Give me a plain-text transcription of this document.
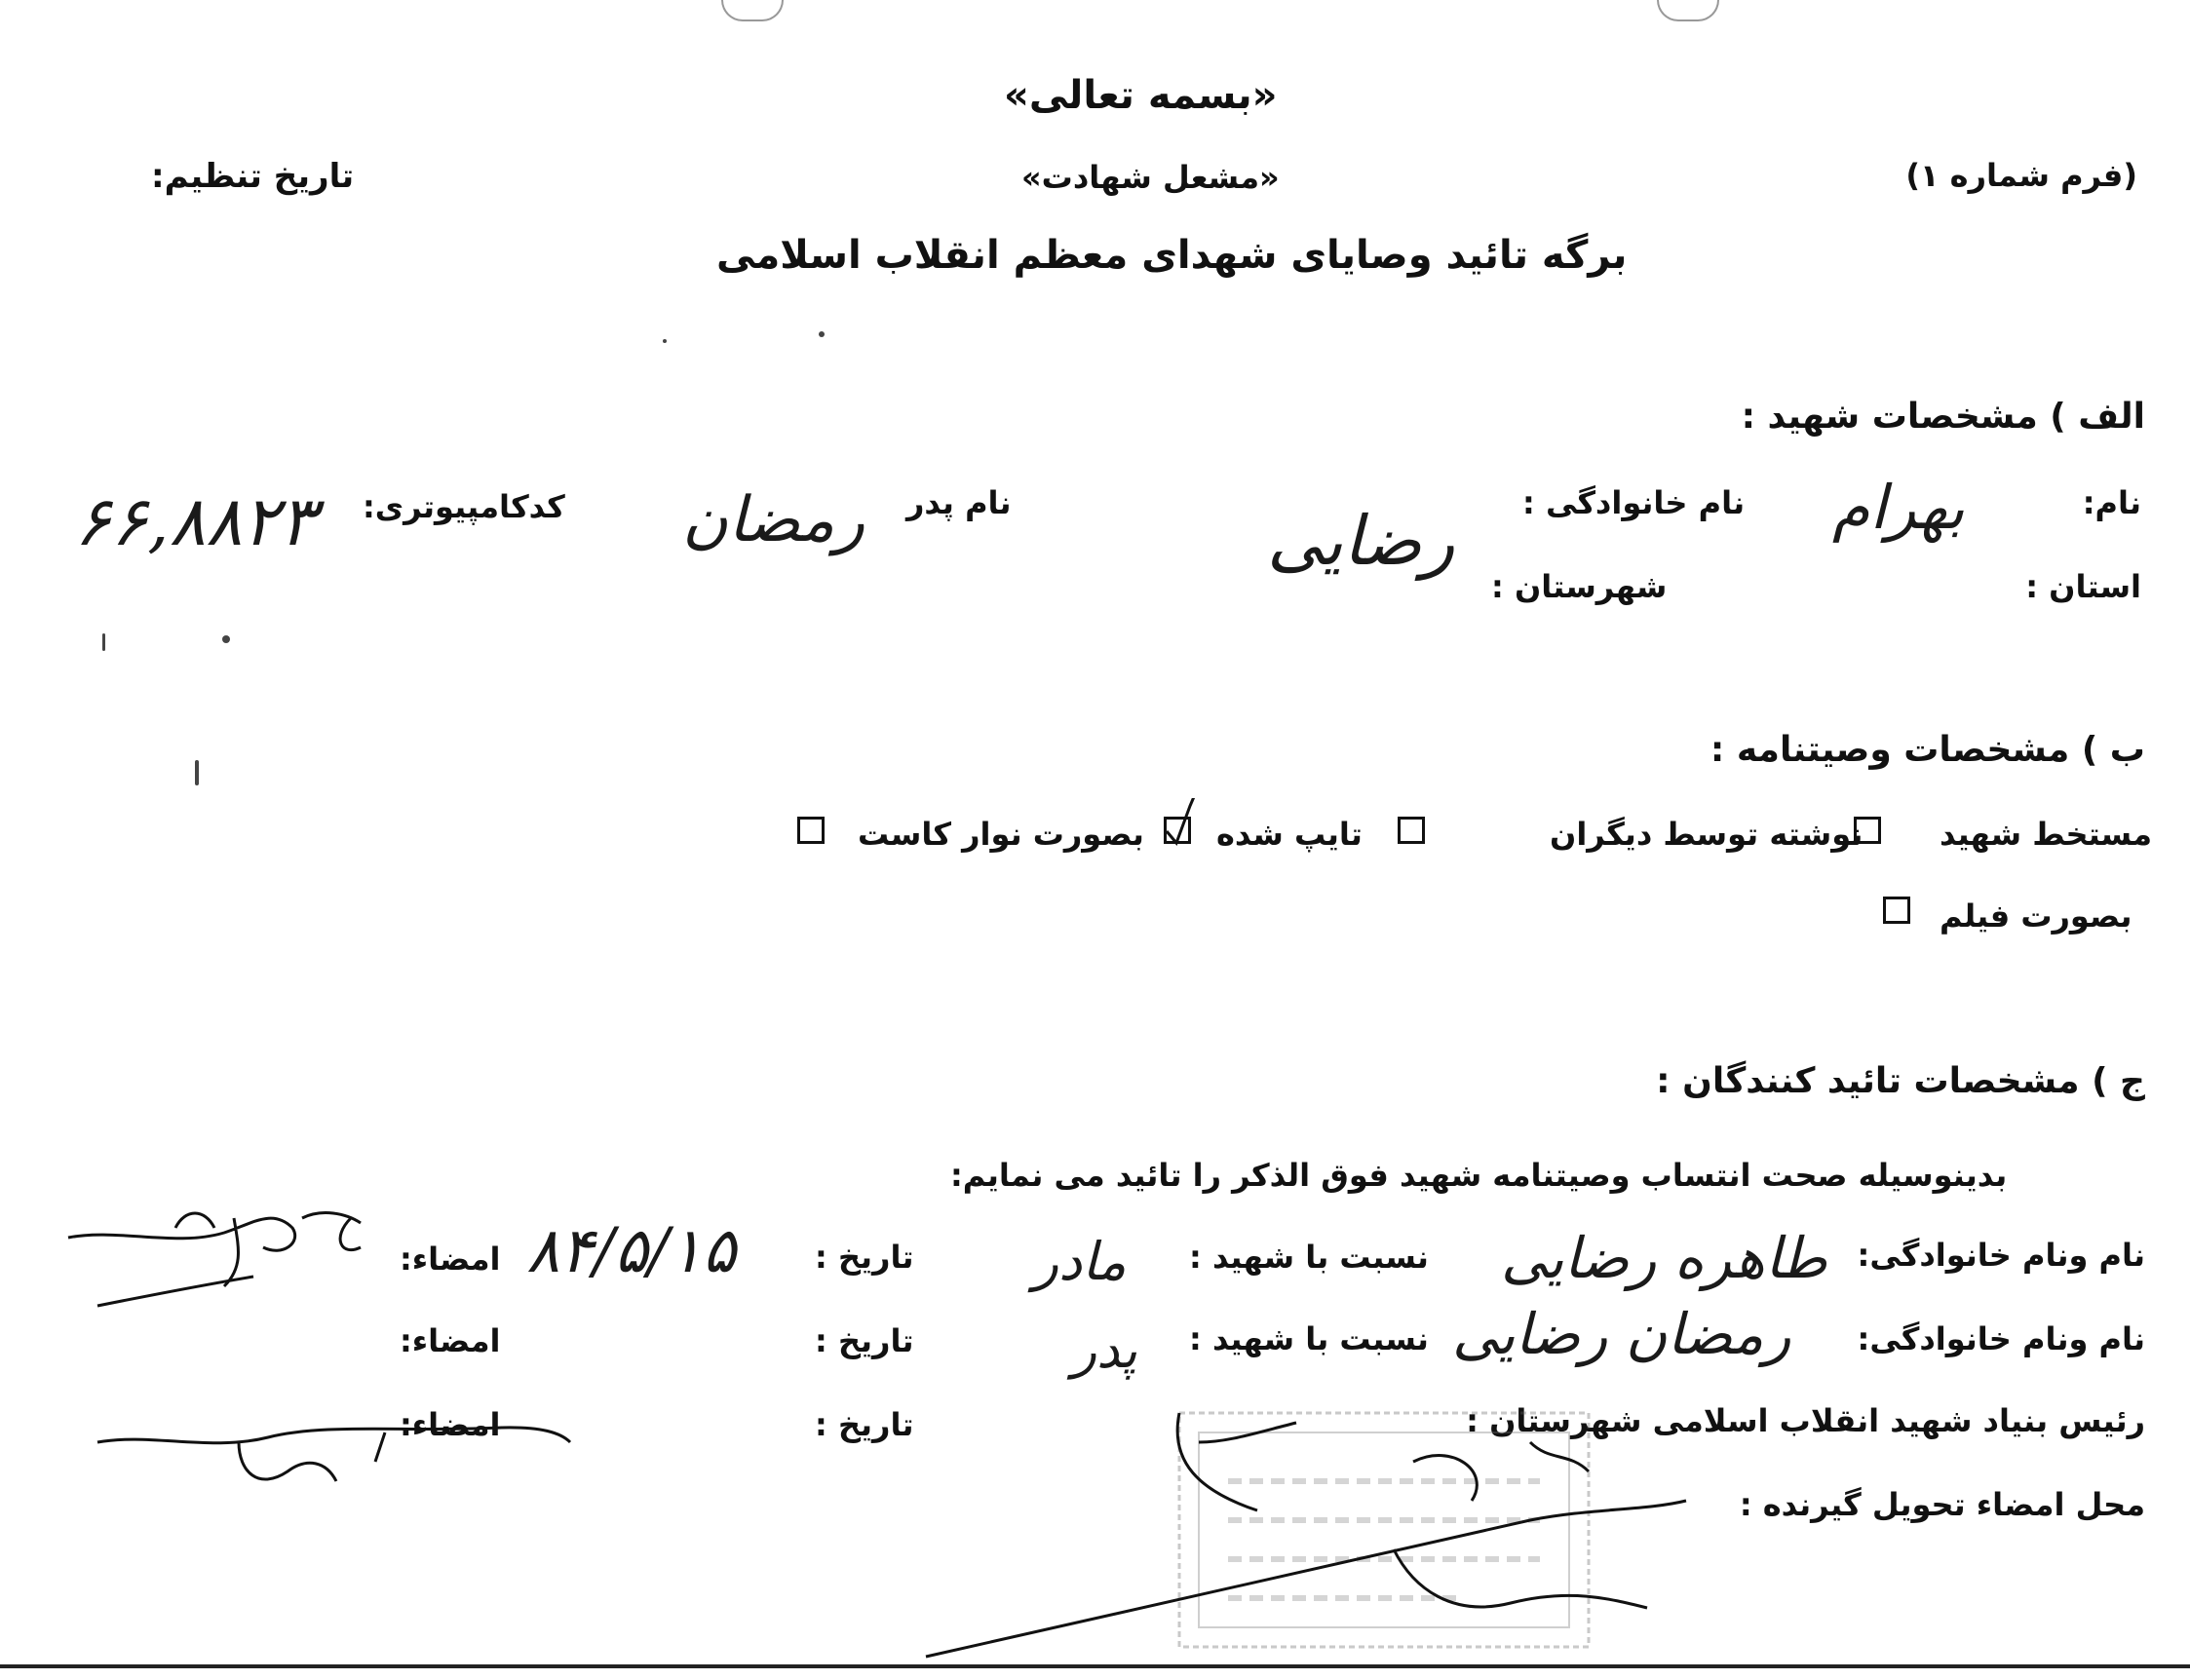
«بسمه تعالی»
«مشعل شهادت»	(فرم شماره ۱)
تاریخ تنظیم:
برگه تائید وصایای شهدای معظم انقلاب اسلامی
الف ) مشخصات شهید :
نام:
بهرام
نام خانوادگی :
رضایی
نام پدر
رمضان
کدکامپیوتری:
۶۶,۸۸۲۳
استان :
شهرستان :
ب ) مشخصات وصیتنامه :
مستخط شهید
نوشته توسط دیگران
تایپ شده
بصورت نوار کاست
بصورت فیلم
ج ) مشخصات تائید کنندگان :
بدینوسیله صحت انتساب وصیتنامه شهید فوق الذکر را تائید می نمایم:
نام ونام خانوادگی:
طاهره رضایی
نسبت با شهید :
مادر
تاریخ :
۸۴/۵/۱۵
امضاء:
نام ونام خانوادگی:
رمضان رضایی
نسبت با شهید :
پدر
تاریخ :
امضاء:
رئیس بنیاد شهید انقلاب اسلامی شهرستان :
تاریخ :
امضاء:
محل امضاء تحویل گیرنده :
